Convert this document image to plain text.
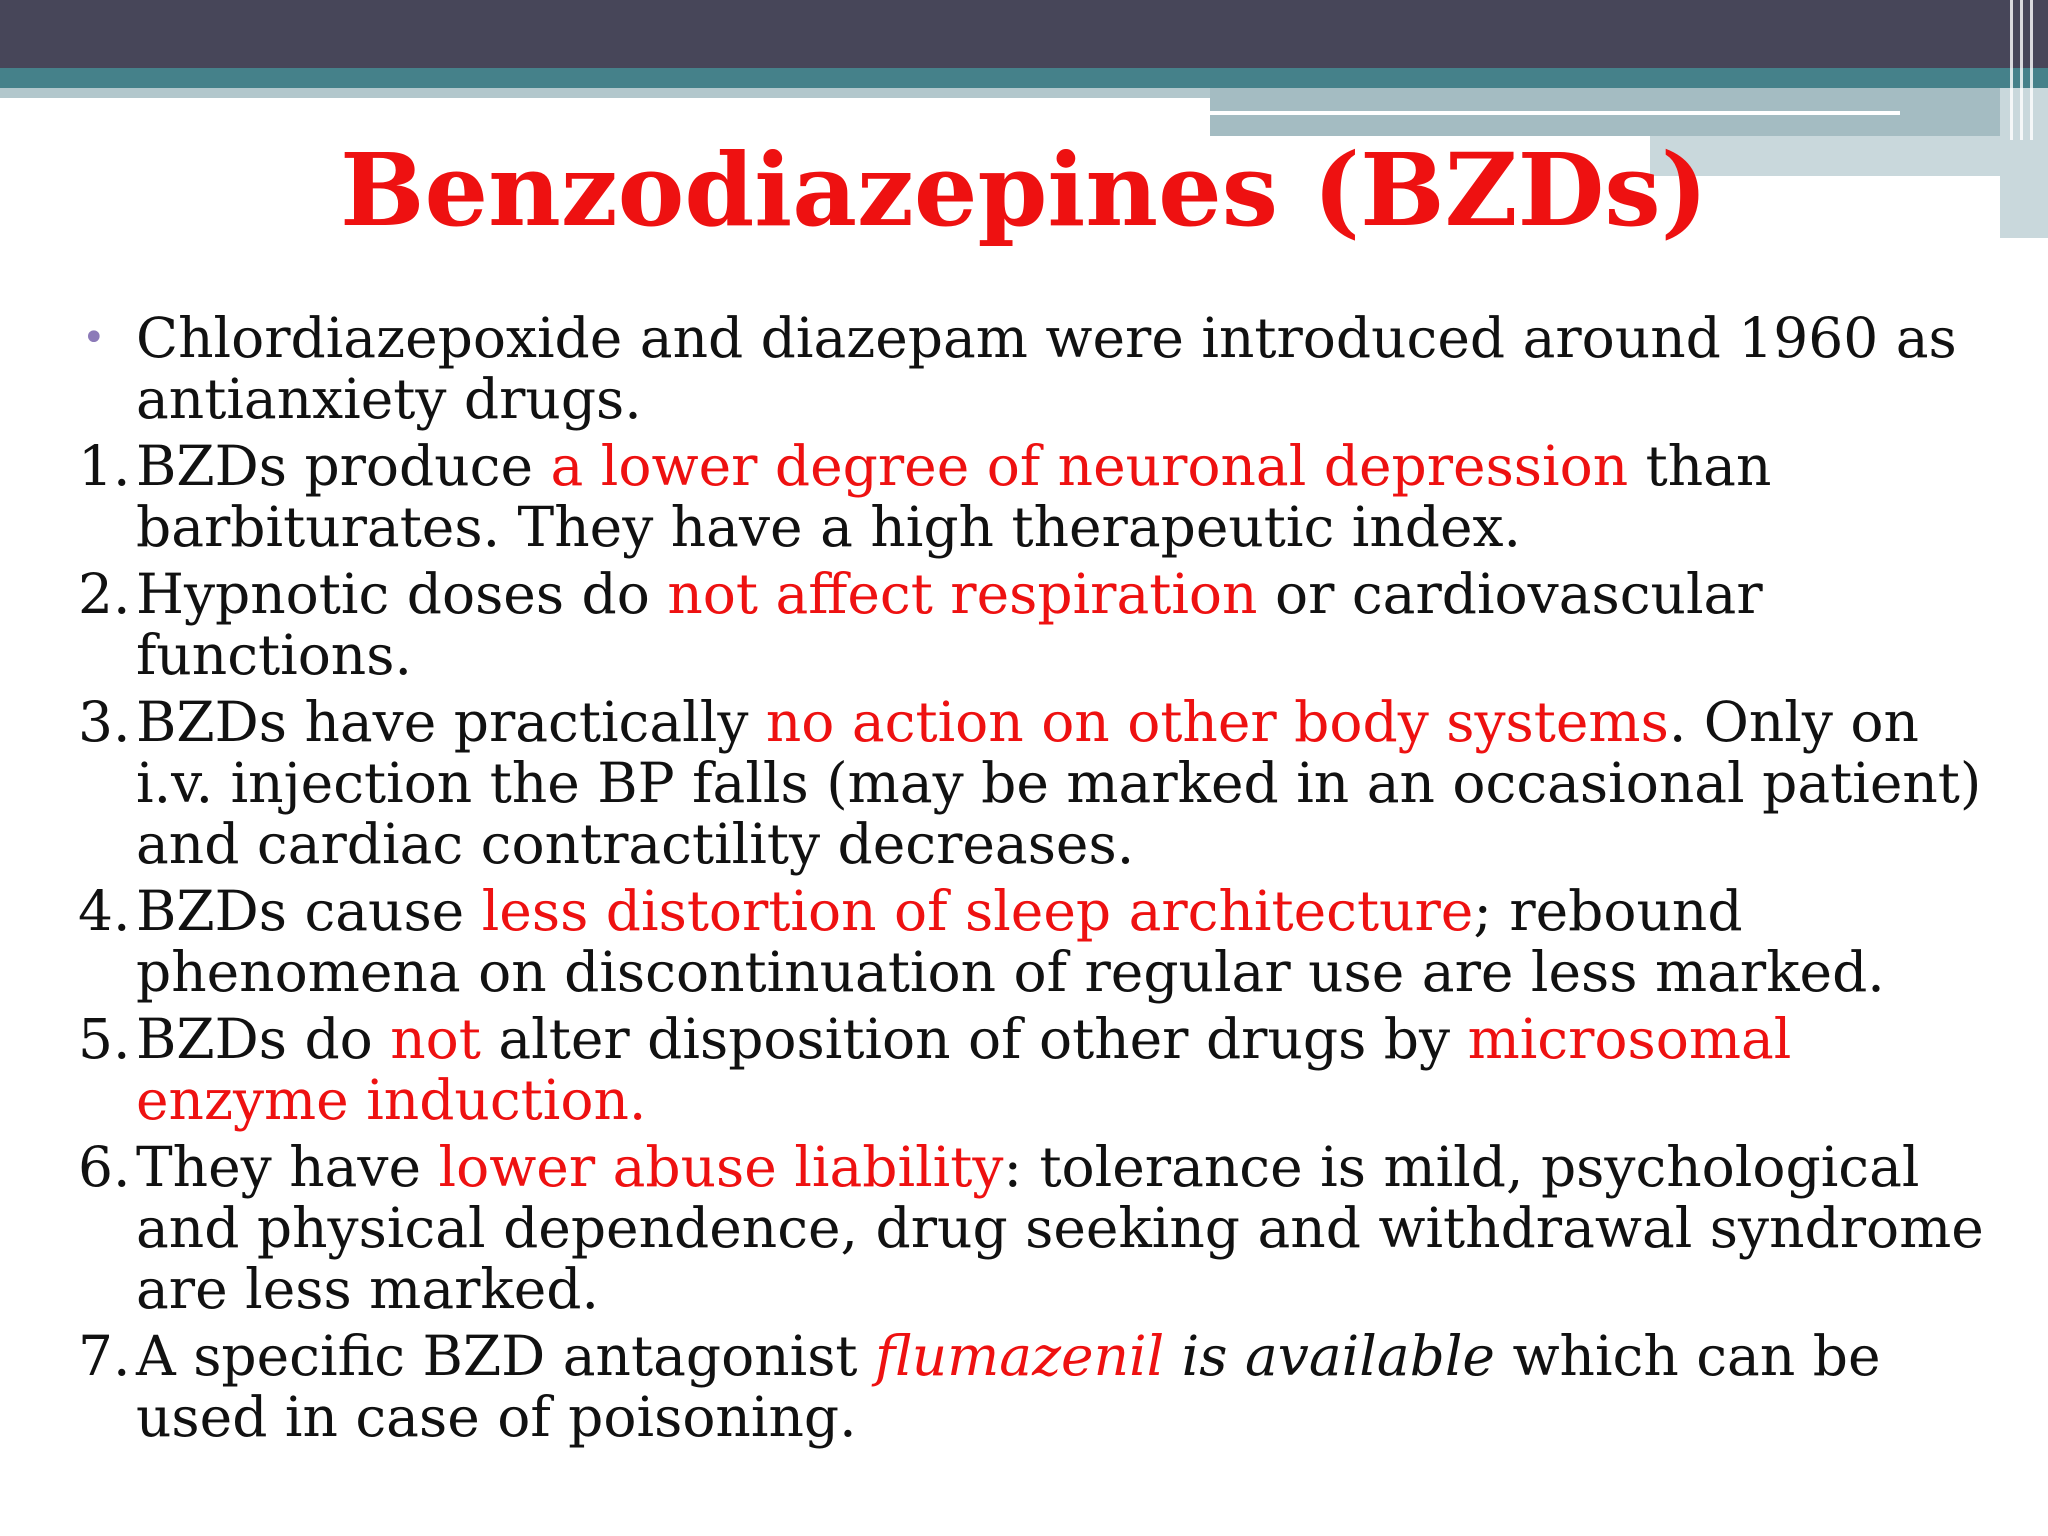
Benzodiazepines (BZDs)
• Chlordiazepoxide and diazepam were introduced around 1960 as antianxiety drugs.
1. BZDs produce a lower degree of neuronal depression than barbiturates. They have a high therapeutic index.
2. Hypnotic doses do not affect respiration or cardiovascular functions.
3. BZDs have practically no action on other body systems. Only on i.v. injection the BP falls (may be marked in an occasional patient) and cardiac contractility decreases.
4. BZDs cause less distortion of sleep architecture; rebound phenomena on discontinuation of regular use are less marked.
5. BZDs do not alter disposition of other drugs by microsomal enzyme induction.
6. They have lower abuse liability: tolerance is mild, psychological and physical dependence, drug seeking and withdrawal syndrome are less marked.
7. A specific BZD antagonist flumazenil is available which can be used in case of poisoning.
